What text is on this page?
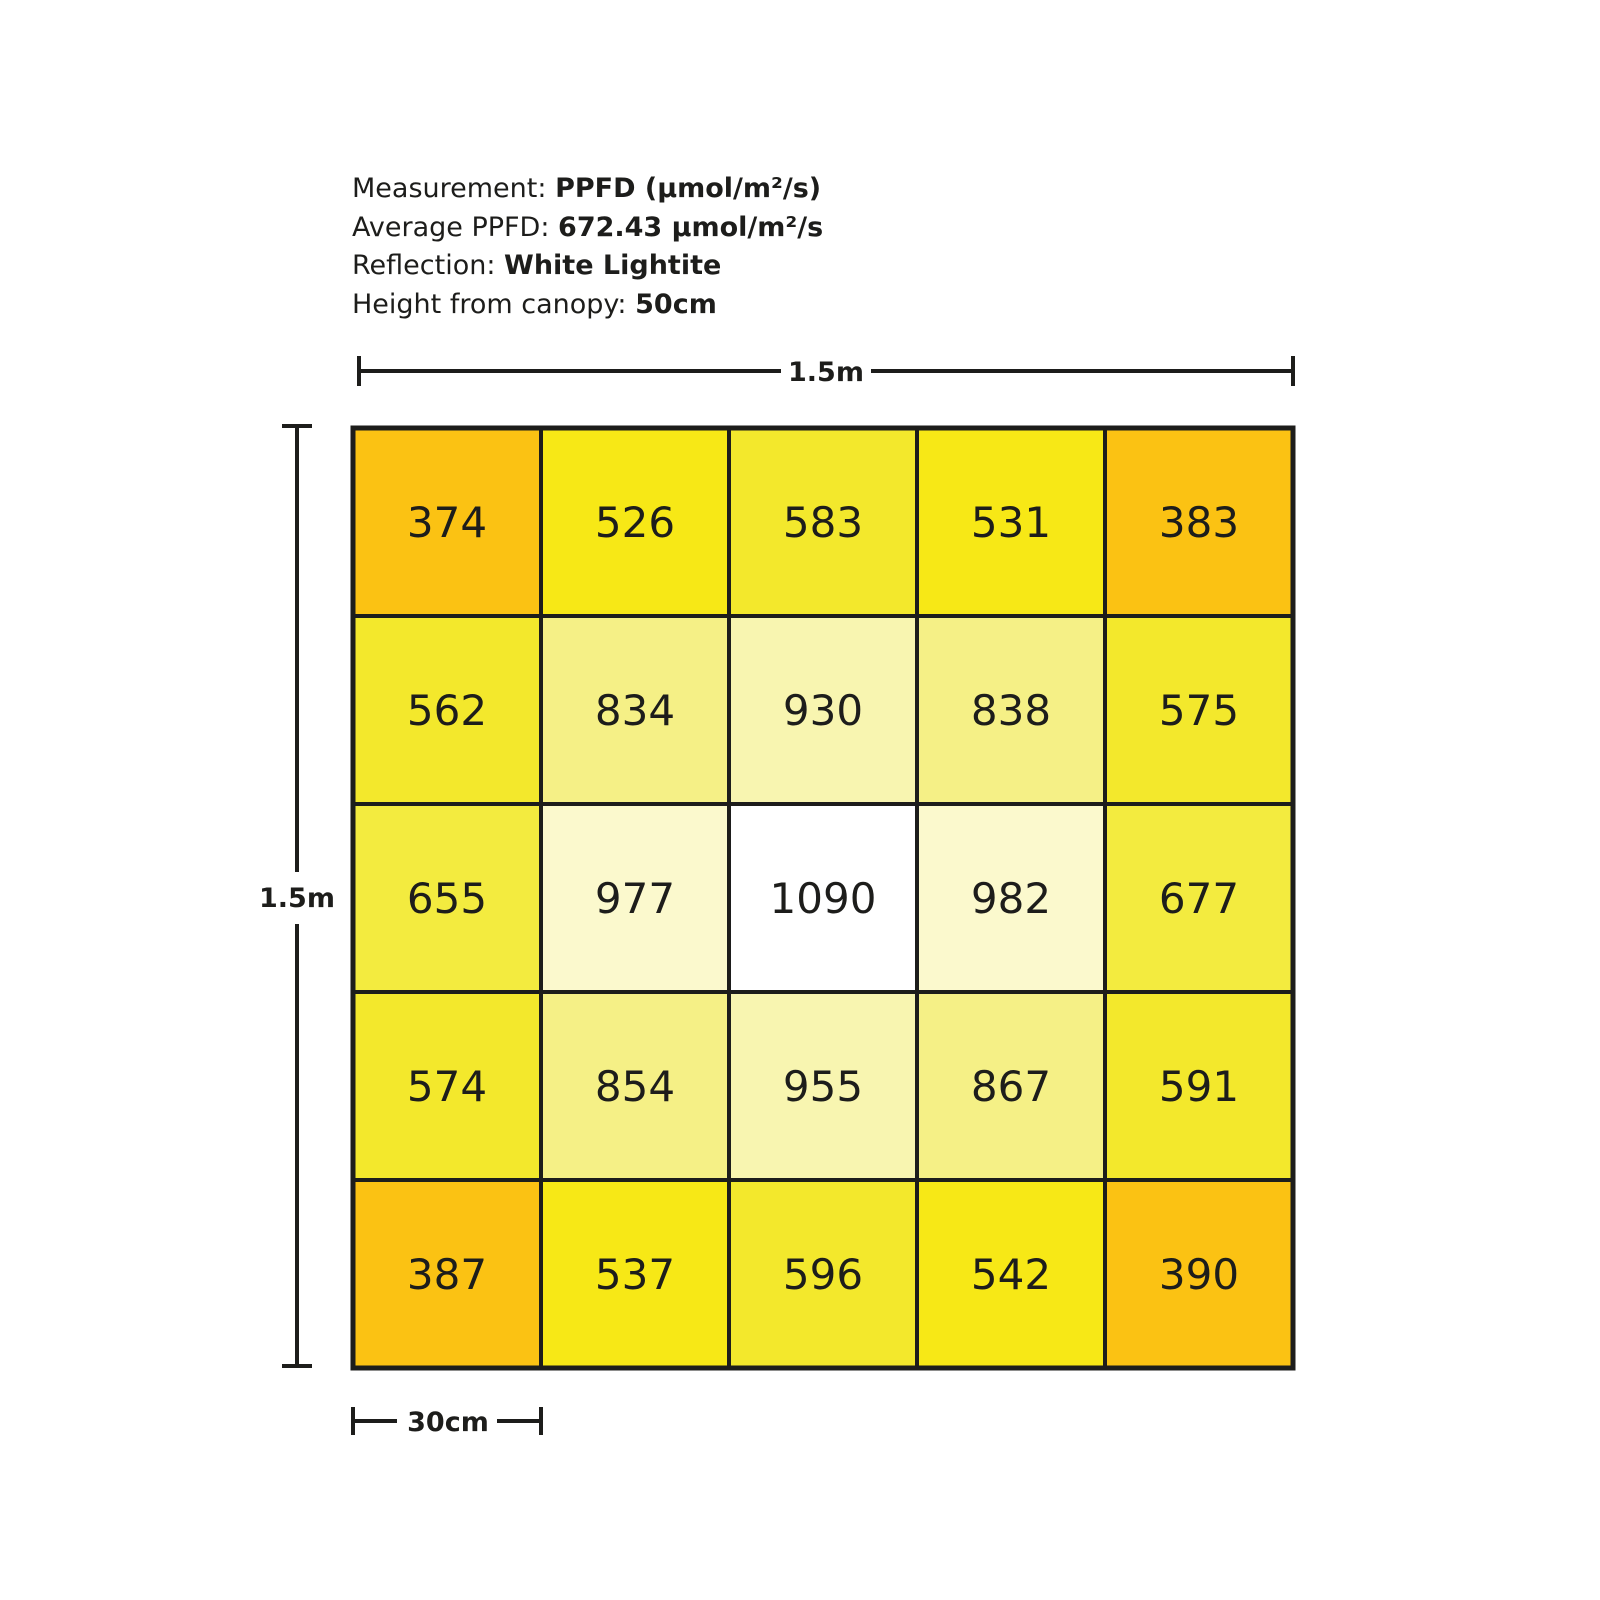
Measurement: PPFD (µmol/m²/s)
Average PPFD: 672.43 µmol/m²/s
Reflection: White Lightite
Height from canopy: 50cm
1.5m
1.5m
30cm
374	526	583	531	383
562	834	930	838	575
655	977 1090 982	677
574	854	955	867	591
387	537	596	542	390
